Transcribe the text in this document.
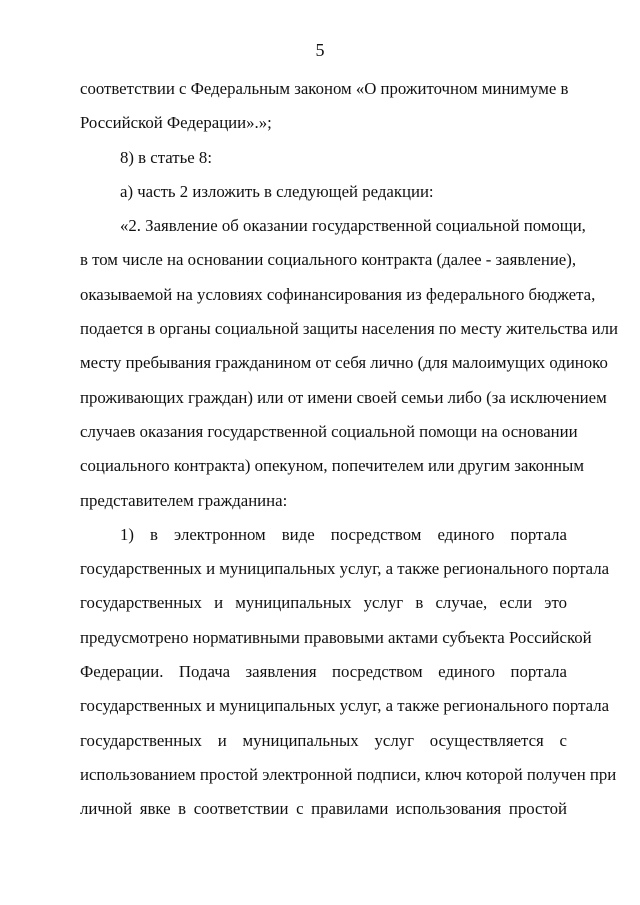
5
соответствии с Федеральным законом «О прожиточном минимуме в
Российской Федерации».»;
8) в статье 8:
а) часть 2 изложить в следующей редакции:
«2. Заявление об оказании государственной социальной помощи,
в том числе на основании социального контракта (далее - заявление),
оказываемой на условиях софинансирования из федерального бюджета,
подается в органы социальной защиты населения по месту жительства или
месту пребывания гражданином от себя лично (для малоимущих одиноко
проживающих граждан) или от имени своей семьи либо (за исключением
случаев оказания государственной социальной помощи на основании
социального контракта) опекуном, попечителем или другим законным
представителем гражданина:
1) в электронном виде посредством единого портала
государственных и муниципальных услуг, а также регионального портала
государственных и муниципальных услуг в случае, если это
предусмотрено нормативными правовыми актами субъекта Российской
Федерации. Подача заявления посредством единого портала
государственных и муниципальных услуг, а также регионального портала
государственных и муниципальных услуг осуществляется с
использованием простой электронной подписи, ключ которой получен при
личной явке в соответствии с правилами использования простой
